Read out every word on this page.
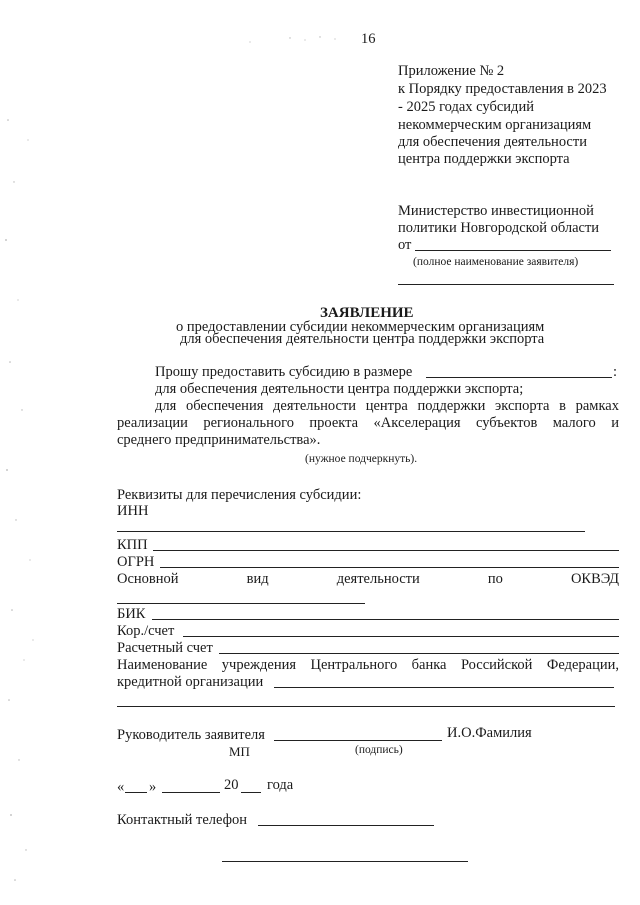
16
Приложение № 2
к Порядку предоставления в 2023
- 2025 годах субсидий
некоммерческим организациям
для обеспечения деятельности
центра поддержки экспорта
Министерство инвестиционной
политики Новгородской области
от
(полное наименование заявителя)
ЗАЯВЛЕНИЕ
о предоставлении субсидии некоммерческим организациям
для обеспечения деятельности центра поддержки экспорта
Прошу предоставить субсидию в размере	:
для обеспечения деятельности центра поддержки экспорта;
для обеспечения деятельности центра поддержки экспорта в рамках
реализации регионального проекта «Акселерация субъектов малого и
среднего предпринимательства».
(нужное подчеркнуть).
Реквизиты для перечисления субсидии:
ИНН
КПП
ОГРН
Основной	вид	деятельности	по	ОКВЭД
БИК
Кор./счет
Расчетный счет
Наименование учреждения Центрального банка Российской Федерации,
кредитной организации
Руководитель заявителя	И.О.Фамилия
МП	(подпись)
« »	20 года
Контактный телефон
